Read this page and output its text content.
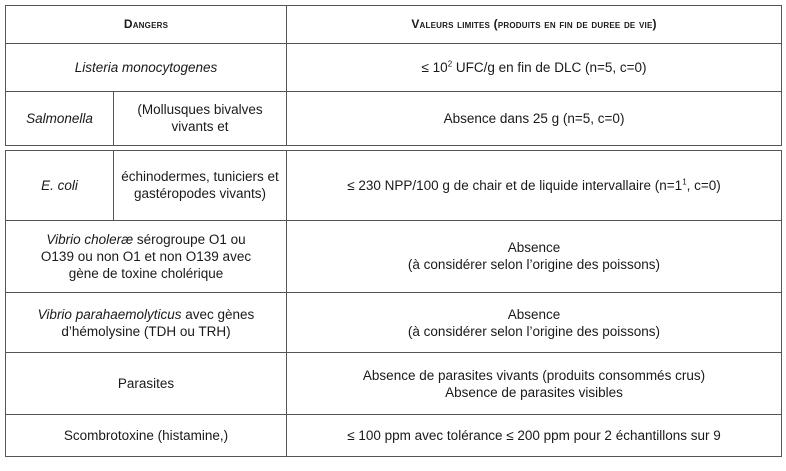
Dangers	Valeurs limites (produits en fin de duree de vie)
Listeria monocytogenes	≤ $10^2$ UFC/g en fin de DLC (n=5, c=0)
Salmonella	(Mollusques bivalves vivants et	Absence dans 25 g (n=5, c=0)
E. coli	échinodermes, tuniciers et gastéropodes vivants)	≤ 230 NPP/100 g de chair et de liquide intervallaire ($n=1^1$, c=0)
Vibrio choleræ sérogroupe O1 ou
O139 ou non O1 et non O139 avec
gène de toxine cholérique	Absence
(à considérer selon l’origine des poissons)
Vibrio parahaemolyticus avec gènes
d’hémolysine (TDH ou TRH)	Absence
(à considérer selon l’origine des poissons)
Parasites	Absence de parasites vivants (produits consommés crus)
Absence de parasites visibles
Scombrotoxine (histamine,)	≤ 100 ppm avec tolérance ≤ 200 ppm pour 2 échantillons sur 9
